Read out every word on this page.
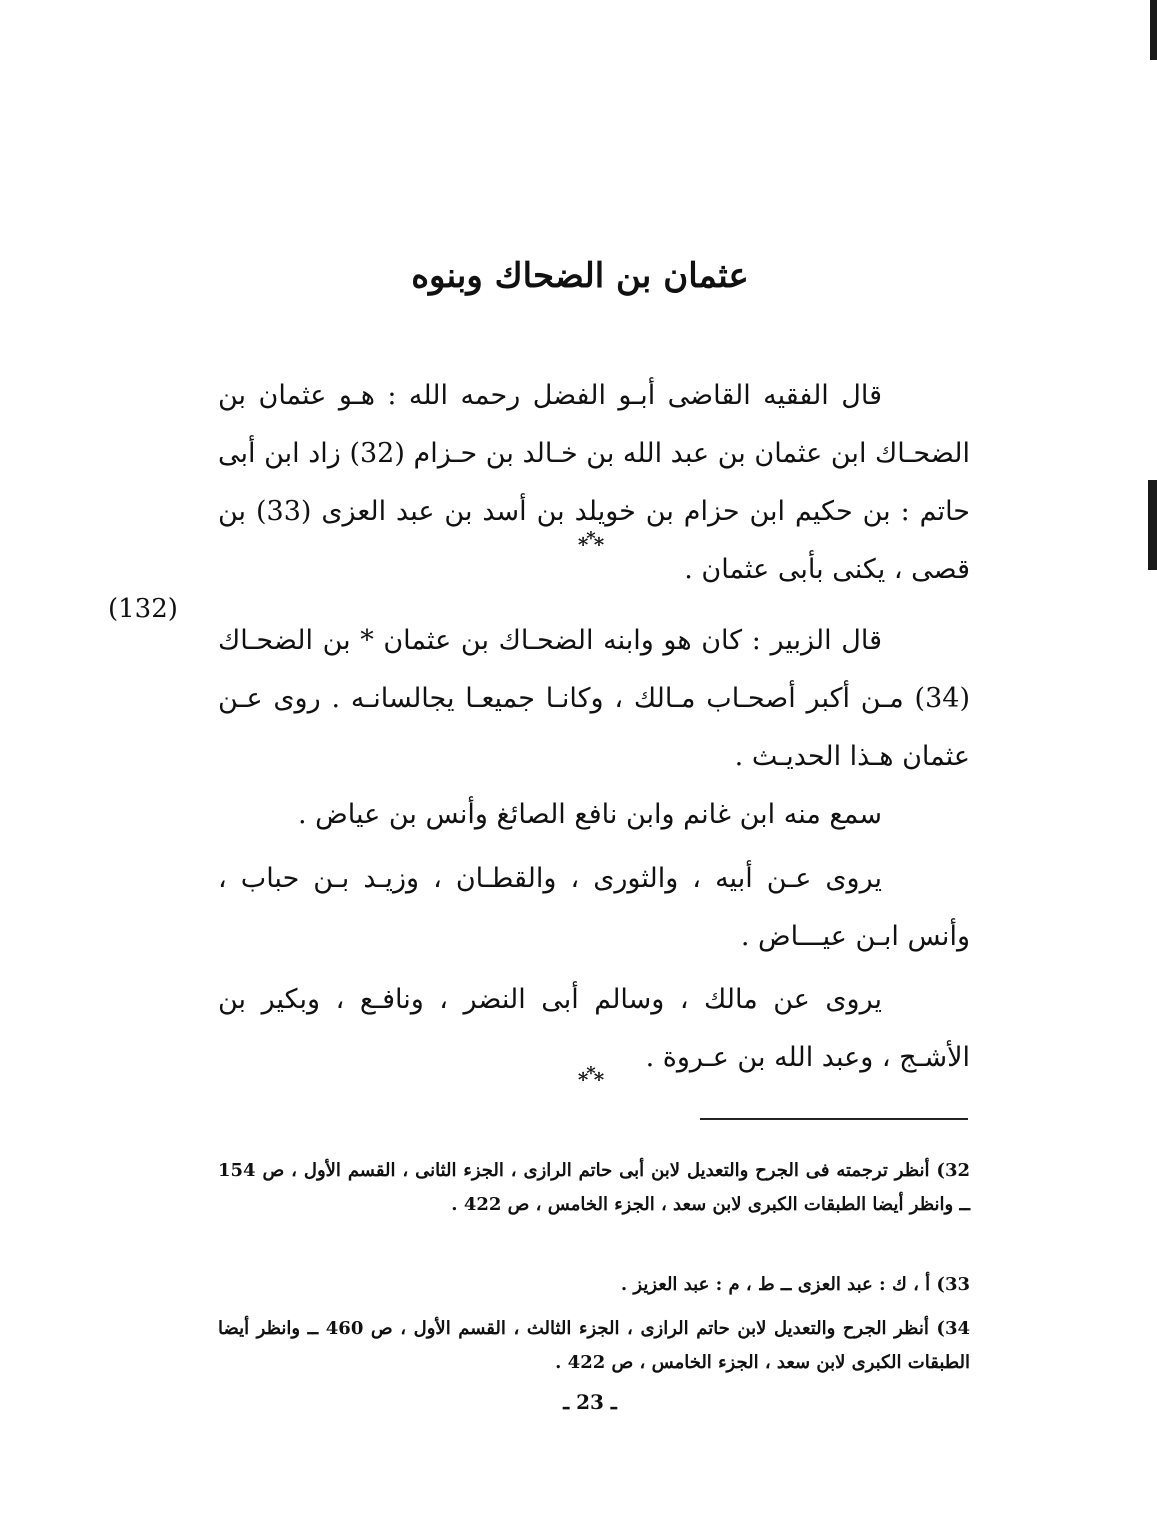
عثمان بن الضحاك وبنوه

قال الفقيه القاضى أبـو الفضل رحمه الله : هـو عثمان بن الضحـاك ابن عثمان بن عبد الله بن خـالد بن حـزام (32) زاد ابن أبى حاتم : بن حكيم ابن حزام بن خويلد بن أسد بن عبد العزى (33) بن قصى ، يكنى بأبى عثمان .

***
(132)

قال الزبير : كان هو وابنه الضحـاك بن عثمان * بن الضحـاك (34) مـن أكبر أصحـاب مـالك ، وكانـا جميعـا يجالسانـه . روى عـن عثمان هـذا الحديـث .

سمع منه ابن غانم وابن نافع الصائغ وأنس بن عياض .

يروى عـن أبيه ، والثورى ، والقطـان ، وزيـد بـن حباب ، وأنس ابـن عيـــاض .

يروى عن مالك ، وسالم أبى النضر ، ونافـع ، وبكير بن الأشـج ، وعبد الله بن عـروة .

***

32) أنظر ترجمته فى الجرح والتعديل لابن أبى حاتم الرازى ، الجزء الثانى ، القسم الأول ، ص 154 ــ وانظر أيضا الطبقات الكبرى لابن سعد ، الجزء الخامس ، ص 422 .

33) أ ، ك : عبد العزى ــ ط ، م : عبد العزيز .

34) أنظر الجرح والتعديل لابن حاتم الرازى ، الجزء الثالث ، القسم الأول ، ص 460 ــ وانظر أيضا الطبقات الكبرى لابن سعد ، الجزء الخامس ، ص 422 .

ـ 23 ـ
